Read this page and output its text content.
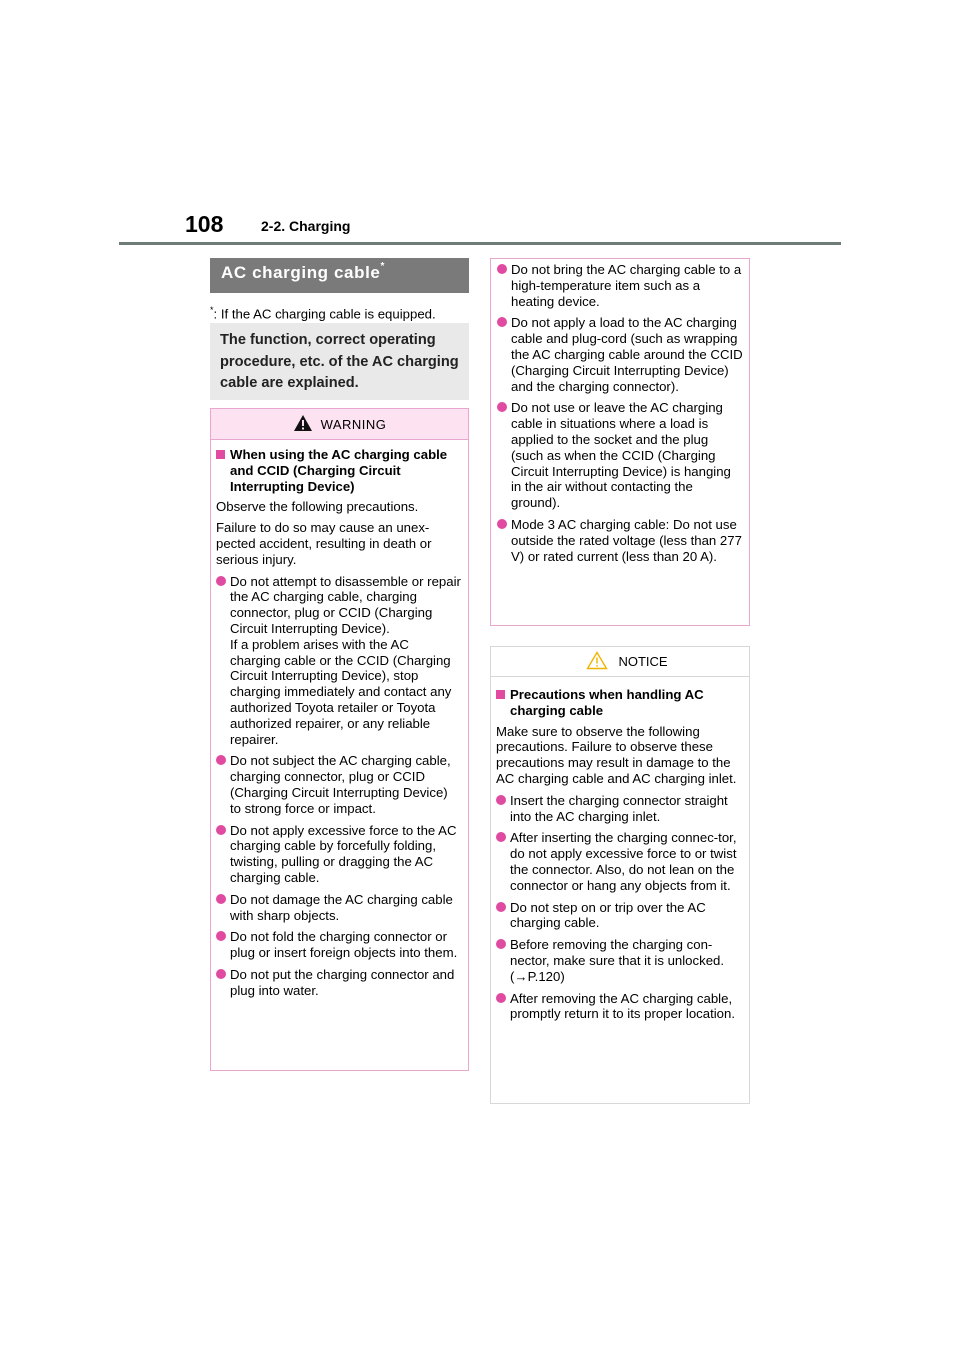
108	2-2. Charging
AC charging cable*
*: If the AC charging cable is equipped.
The function, correct operating procedure, etc. of the AC charging cable are explained.
WARNING
When using the AC charging cable and CCID (Charging Circuit Interrupting Device)
Observe the following precautions.
Failure to do so may cause an unex-pected accident, resulting in death or serious injury.
Do not attempt to disassemble or repair the AC charging cable, charging connector, plug or CCID (Charging Circuit Interrupting Device).
If a problem arises with the AC charging cable or the CCID (Charging Circuit Interrupting Device), stop charging immediately and contact any authorized Toyota retailer or Toyota authorized repairer, or any reliable repairer.
Do not subject the AC charging cable, charging connector, plug or CCID (Charging Circuit Interrupting Device) to strong force or impact.
Do not apply excessive force to the AC charging cable by forcefully folding, twisting, pulling or dragging the AC charging cable.
Do not damage the AC charging cable with sharp objects.
Do not fold the charging connector or plug or insert foreign objects into them.
Do not put the charging connector and plug into water.
Do not bring the AC charging cable to a high-temperature item such as a heating device.
Do not apply a load to the AC charging cable and plug-cord (such as wrapping the AC charging cable around the CCID (Charging Circuit Interrupting Device) and the charging connector).
Do not use or leave the AC charging cable in situations where a load is applied to the socket and the plug (such as when the CCID (Charging Circuit Interrupting Device) is hanging in the air without contacting the ground).
Mode 3 AC charging cable: Do not use outside the rated voltage (less than 277 V) or rated current (less than 20 A).
NOTICE
Precautions when handling AC charging cable
Make sure to observe the following precautions. Failure to observe these precautions may result in damage to the AC charging cable and AC charging inlet.
Insert the charging connector straight into the AC charging inlet.
After inserting the charging connec-tor, do not apply excessive force to or twist the connector. Also, do not lean on the connector or hang any objects from it.
Do not step on or trip over the AC charging cable.
Before removing the charging con-nector, make sure that it is unlocked. (→P.120)
After removing the AC charging cable, promptly return it to its proper location.
